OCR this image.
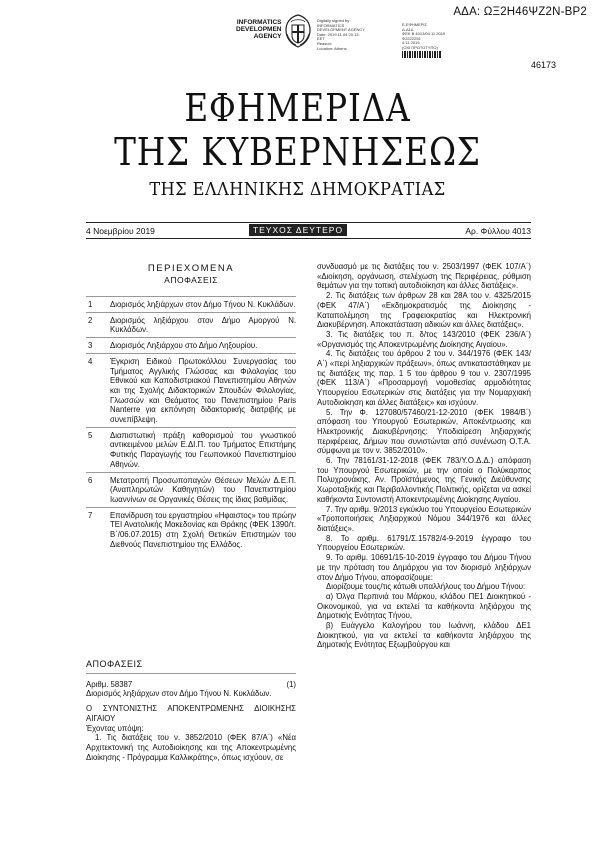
ΑΔΑ: ΩΞ2Η46ΨΖ2Ν-ΒΡ2
INFORMATICS
DEVELOPMEN
AGENCY
Digitally signed by
INFORMATICS
DEVELOPMENT AGENCY
Date: 2019.11.04 20:13:
EET
Reason:
Location: Athens
Ε-ΕΦΗΜΕΡΙΣ
Δ-Δ1Δ
ΦΕΚ Β 4013/04.11.2019
Φ2222251
4.11.2019
(ΟΧΙ ΠΡΩΤΟΤΥΠΟ)
46173
ΕΦΗΜΕΡΙΔΑ
ΤΗΣ ΚΥΒΕΡΝΗΣΕΩΣ
ΤΗΣ ΕΛΛΗΝΙΚΗΣ ΔΗΜΟΚΡΑΤΙΑΣ
4 Νοεμβρίου 2019	ΤΕΥΧΟΣ ΔΕΥΤΕΡΟ	Αρ. Φύλλου 4013
ΠΕΡΙΕΧΟΜΕΝΑ
ΑΠΟΦΑΣΕΙΣ
1	Διορισμός ληξιάρχων στον Δήμο Τήνου Ν. Κυκλάδων.
2	Διορισμός ληξιάρχου στον Δήμο Αμοργού Ν. Κυκλάδων.
3	Διορισμός Ληξιάρχου στο Δήμο Ληξουρίου.
4	Έγκριση Ειδικού Πρωτοκόλλου Συνεργασίας του Τμήματος Αγγλικής Γλώσσας και Φιλολογίας του Εθνικού και Καποδιστριακού Πανεπιστημίου Αθηνών και της Σχολής Διδακτορικών Σπουδών Φιλολογίας, Γλωσσών και Θεάματος του Πανεπιστημίου Paris Nanterre για εκπόνηση διδακτορικής διατριβής με συνεπίβλεψη.
5	Διαπιστωτική πράξη καθορισμού του γνωστικού αντικειμένου μελών Ε.ΔΙ.Π. του Τμήματος Επιστήμης Φυτικής Παραγωγής του Γεωπονικού Πανεπιστημίου Αθηνών.
6	Μετατροπή Προσωποπαγών Θέσεων Μελών Δ.Ε.Π. (Αναπληρωτών Καθηγητών) του Πανεπιστημίου Ιωαννίνων σε Οργανικές Θέσεις της ίδιας βαθμίδας.
7	Επανίδρυση του εργαστηρίου «Ηφαιστος» του πρώην ΤΕΙ Ανατολικής Μακεδονίας και Θράκης (ΦΕΚ 1390/τ. Β΄/06.07.2015) στη Σχολή Θετικών Επιστημών του Διεθνούς Πανεπιστημίου της Ελλάδος.
ΑΠΟΦΑΣΕΙΣ
Αριθμ. 58387	(1)

Διορισμός ληξιάρχων στον Δήμο Τήνου Ν. Κυκλάδων.

Ο ΣΥΝΤΟΝΙΣΤΗΣ ΑΠΟΚΕΝΤΡΩΜΕΝΗΣ ΔΙΟΙΚΗΣΗΣ ΑΙΓΑΙΟΥ

Έχοντας υπόψη:

1. Τις διατάξεις του ν. 3852/2010 (ΦΕΚ 87/Α΄) «Νέα Αρχιτεκτονική της Αυτοδιοίκησης και της Αποκεντρωμένης Διοίκησης - Πρόγραμμα Καλλικράτης», όπως ισχύουν, σε

συνδυασμό με τις διατάξεις του ν. 2503/1997 (ΦΕΚ 107/Α΄) «Διοίκηση, οργάνωση, στελέχωση της Περιφέρειας, ρύθμιση θεμάτων για την τοπική αυτοδιοίκηση και άλλες διατάξεις».

2. Τις διατάξεις των άρθρων 28 και 28Α του ν. 4325/2015 (ΦΕΚ 47/Α΄) «Εκδημοκρατισμός της Διοίκησης - Καταπολέμηση της Γραφειοκρατίας και Ηλεκτρονική Διακυβέρνηση. Αποκατάσταση αδικιών και άλλες διατάξεις».

3. Τις διατάξεις του π. δ/τος 143/2010 (ΦΕΚ 236/Α΄) «Οργανισμός της Αποκεντρωμένης Διοίκησης Αιγαίου».

4. Τις διατάξεις του άρθρου 2 του ν. 344/1976 (ΦΕΚ 143/Α΄) «περί ληξιαρχικών πράξεων», όπως αντικαταστάθηκαν με τις διατάξεις της παρ. 1 5 του άρθρου 9 του ν. 2307/1995 (ΦΕΚ 113/Α΄) «Προσαρμογή νομοθεσίας αρμοδιότητας Υπουργείου Εσωτερικών στις διατάξεις για την Νομαρχιακή Αυτοδιοίκηση και άλλες διατάξεις» και ισχύουν.

5. Την Φ. 127080/57460/21-12-2010 (ΦΕΚ 1984/Β΄) απόφαση του Υπουργού Εσωτερικών, Αποκέντρωσης και Ηλεκτρονικής Διακυβέρνησης: Υποδιαίρεση ληξιαρχικής περιφέρειας, Δήμων που συνιστώνται από συνένωση Ο.Τ.Α. σύμφωνα με τον ν. 3852/2010».

6. Την 78161/31-12-2018 (ΦΕΚ 783/Υ.Ο.Δ.Δ.) απόφαση του Υπουργού Εσωτερικών, με την οποία ο Πολύκαρπος Πολυχρονάκης, Αν. Προϊστάμενος της Γενικής Διεύθυνσης Χωροταξικής και Περιβαλλοντικής Πολιτικής, ορίζεται να ασκεί καθήκοντα Συντονιστή Αποκεντρωμένης Διοίκησης Αιγαίου.

7. Την αριθμ. 9/2013 εγκύκλιο του Υπουργείου Εσωτερικών «Τροποποιήσεις Ληξιαρχικού Νόμου 344/1976 και άλλες διατάξεις».

8. Το αριθμ. 61791/Σ.15782/4-9-2019 έγγραφο του Υπουργείου Εσωτερικών.

9. Το αριθμ. 10691/15-10-2019 έγγραφο του Δήμου Τήνου με την πρόταση του Δημάρχου για τον διορισμό ληξιάρχων στον Δήμο Τήνου, αποφασίζουμε:

Διορίζουμε τους/τις κάτωθι υπαλλήλους του Δήμου Τήνου:

α) Όλγα Περπινιά του Μάρκου, κλάδου ΠΕ1 Διοικητικού - Οικονομικού, για να εκτελεί τα καθήκοντα ληξιάρχου της Δημοτικής Ενότητας Τήνου,

β) Ευάγγελο Καλογήρου του Ιωάννη, κλάδου ΔΕ1 Διοικητικού, για να εκτελεί τα καθήκοντα ληξιάρχου της Δημοτικής Ενότητας Εξωμβούργου και
